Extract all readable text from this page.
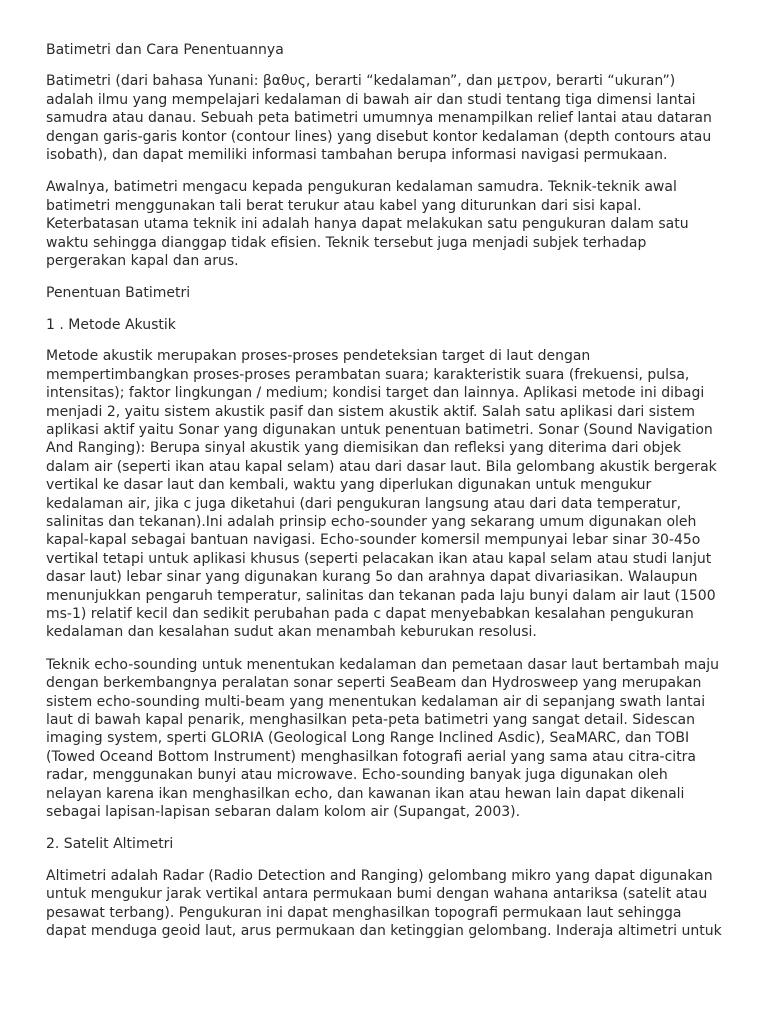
Batimetri dan Cara Penentuannya

Batimetri (dari bahasa Yunani: βαθυς, berarti “kedalaman”, dan μετρον, berarti “ukuran”) adalah ilmu yang mempelajari kedalaman di bawah air dan studi tentang tiga dimensi lantai samudra atau danau. Sebuah peta batimetri umumnya menampilkan relief lantai atau dataran dengan garis-garis kontor (contour lines) yang disebut kontor kedalaman (depth contours atau isobath), dan dapat memiliki informasi tambahan berupa informasi navigasi permukaan.

Awalnya, batimetri mengacu kepada pengukuran kedalaman samudra. Teknik-teknik awal batimetri menggunakan tali berat terukur atau kabel yang diturunkan dari sisi kapal. Keterbatasan utama teknik ini adalah hanya dapat melakukan satu pengukuran dalam satu waktu sehingga dianggap tidak efisien. Teknik tersebut juga menjadi subjek terhadap pergerakan kapal dan arus.

Penentuan Batimetri

1 . Metode Akustik

Metode akustik merupakan proses-proses pendeteksian target di laut dengan mempertimbangkan proses-proses perambatan suara; karakteristik suara (frekuensi, pulsa, intensitas); faktor lingkungan / medium; kondisi target dan lainnya. Aplikasi metode ini dibagi menjadi 2, yaitu sistem akustik pasif dan sistem akustik aktif. Salah satu aplikasi dari sistem aplikasi aktif yaitu Sonar yang digunakan untuk penentuan batimetri. Sonar (Sound Navigation And Ranging): Berupa sinyal akustik yang diemisikan dan refleksi yang diterima dari objek dalam air (seperti ikan atau kapal selam) atau dari dasar laut. Bila gelombang akustik bergerak vertikal ke dasar laut dan kembali, waktu yang diperlukan digunakan untuk mengukur kedalaman air, jika c juga diketahui (dari pengukuran langsung atau dari data temperatur, salinitas dan tekanan).Ini adalah prinsip echo-sounder yang sekarang umum digunakan oleh kapal-kapal sebagai bantuan navigasi. Echo-sounder komersil mempunyai lebar sinar 30-45o vertikal tetapi untuk aplikasi khusus (seperti pelacakan ikan atau kapal selam atau studi lanjut dasar laut) lebar sinar yang digunakan kurang 5o dan arahnya dapat divariasikan. Walaupun menunjukkan pengaruh temperatur, salinitas dan tekanan pada laju bunyi dalam air laut (1500 ms-1) relatif kecil dan sedikit perubahan pada c dapat menyebabkan kesalahan pengukuran kedalaman dan kesalahan sudut akan menambah keburukan resolusi.

Teknik echo-sounding untuk menentukan kedalaman dan pemetaan dasar laut bertambah maju dengan berkembangnya peralatan sonar seperti SeaBeam dan Hydrosweep yang merupakan sistem echo-sounding multi-beam yang menentukan kedalaman air di sepanjang swath lantai laut di bawah kapal penarik, menghasilkan peta-peta batimetri yang sangat detail. Sidescan imaging system, sperti GLORIA (Geological Long Range Inclined Asdic), SeaMARC, dan TOBI (Towed Oceand Bottom Instrument) menghasilkan fotografi aerial yang sama atau citra-citra radar, menggunakan bunyi atau microwave. Echo-sounding banyak juga digunakan oleh nelayan karena ikan menghasilkan echo, dan kawanan ikan atau hewan lain dapat dikenali sebagai lapisan-lapisan sebaran dalam kolom air (Supangat, 2003).

2. Satelit Altimetri

Altimetri adalah Radar (Radio Detection and Ranging) gelombang mikro yang dapat digunakan untuk mengukur jarak vertikal antara permukaan bumi dengan wahana antariksa (satelit atau pesawat terbang). Pengukuran ini dapat menghasilkan topografi permukaan laut sehingga dapat menduga geoid laut, arus permukaan dan ketinggian gelombang. Inderaja altimetri untuk
